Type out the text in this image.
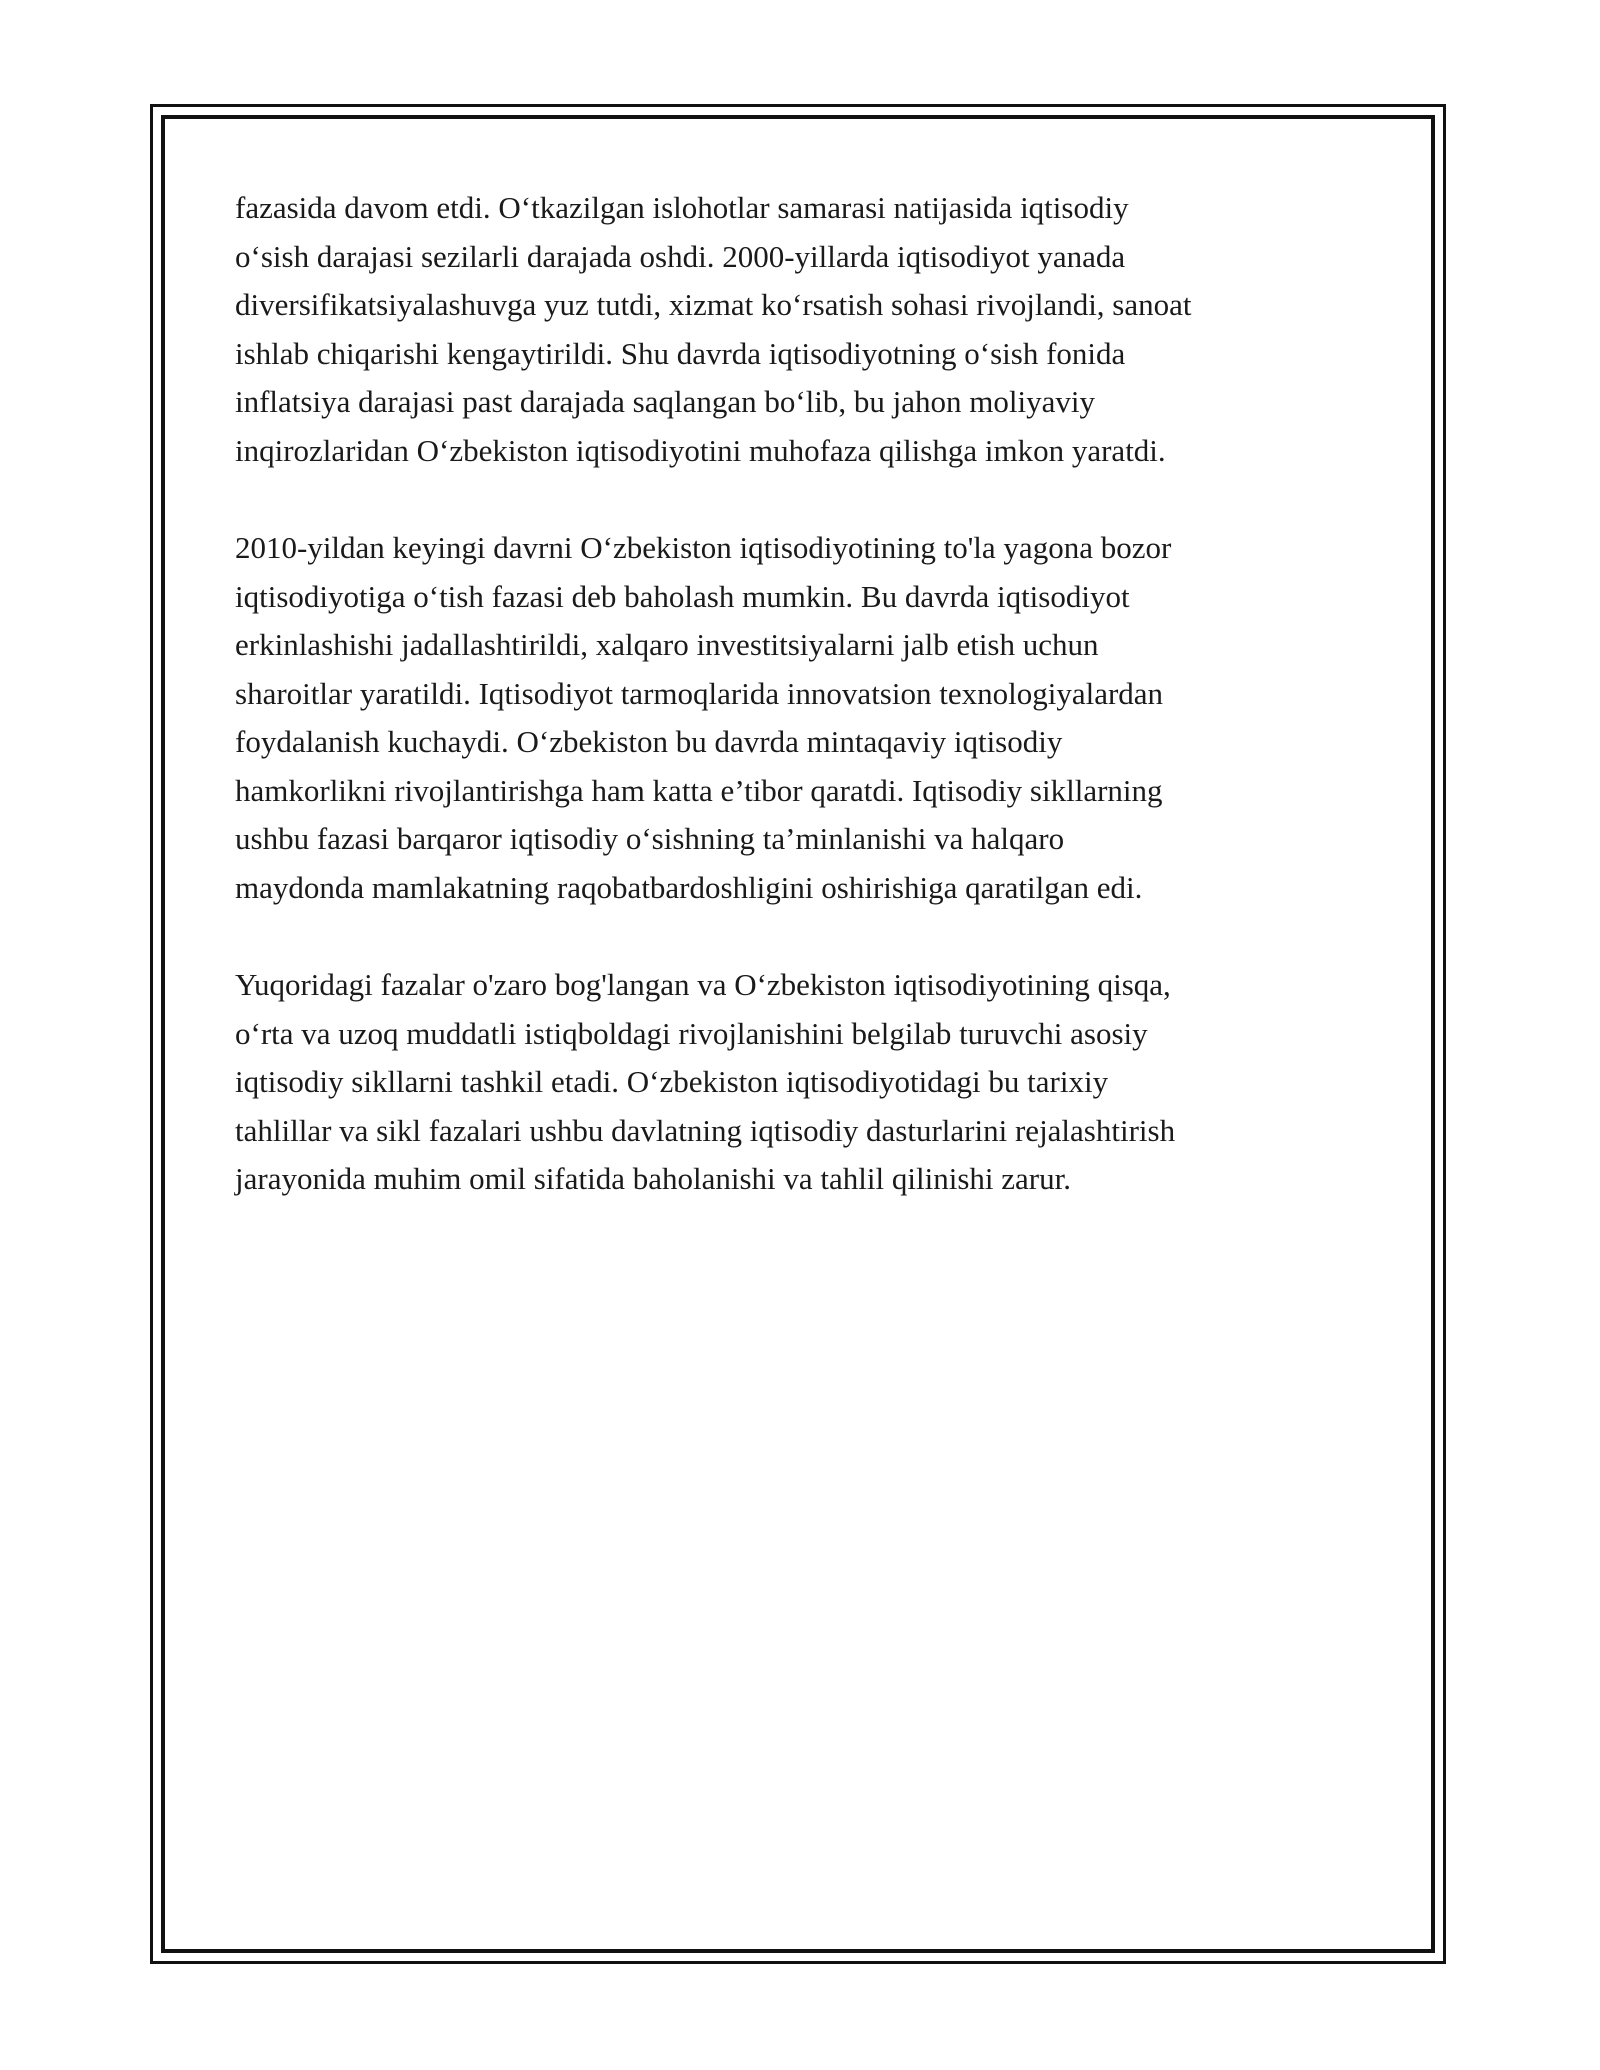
fazasida davom etdi. O‘tkazilgan islohotlar samarasi natijasida iqtisodiy
o‘sish darajasi sezilarli darajada oshdi. 2000-yillarda iqtisodiyot yanada
diversifikatsiyalashuvga yuz tutdi, xizmat ko‘rsatish sohasi rivojlandi, sanoat
ishlab chiqarishi kengaytirildi. Shu davrda iqtisodiyotning o‘sish fonida
inflatsiya darajasi past darajada saqlangan bo‘lib, bu jahon moliyaviy
inqirozlaridan O‘zbekiston iqtisodiyotini muhofaza qilishga imkon yaratdi.

2010-yildan keyingi davrni O‘zbekiston iqtisodiyotining to'la yagona bozor
iqtisodiyotiga o‘tish fazasi deb baholash mumkin. Bu davrda iqtisodiyot
erkinlashishi jadallashtirildi, xalqaro investitsiyalarni jalb etish uchun
sharoitlar yaratildi. Iqtisodiyot tarmoqlarida innovatsion texnologiyalardan
foydalanish kuchaydi. O‘zbekiston bu davrda mintaqaviy iqtisodiy
hamkorlikni rivojlantirishga ham katta e’tibor qaratdi. Iqtisodiy sikllarning
ushbu fazasi barqaror iqtisodiy o‘sishning ta’minlanishi va halqaro
maydonda mamlakatning raqobatbardoshligini oshirishiga qaratilgan edi.

Yuqoridagi fazalar o'zaro bog'langan va O‘zbekiston iqtisodiyotining qisqa,
o‘rta va uzoq muddatli istiqboldagi rivojlanishini belgilab turuvchi asosiy
iqtisodiy sikllarni tashkil etadi. O‘zbekiston iqtisodiyotidagi bu tarixiy
tahlillar va sikl fazalari ushbu davlatning iqtisodiy dasturlarini rejalashtirish
jarayonida muhim omil sifatida baholanishi va tahlil qilinishi zarur.
